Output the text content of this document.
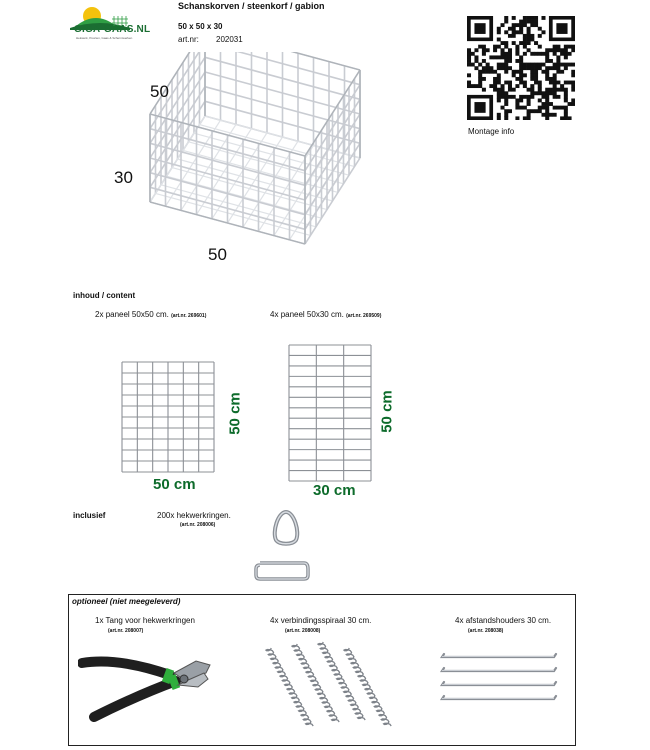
GIGA-GAAS.NL
Hekwerk, Poorten, Gaas & Schermwerken
Schanskorven / steenkorf / gabion
50 x 50 x 30
art.nr: 202031
Montage info
50
30
50
inhoud / content
2x paneel 50x50 cm. (art.nr. 269601)	4x paneel 50x30 cm. (art.nr. 269509)
50 cm
50 cm
30 cm
50 cm
inclusief	200x hekwerkringen.
(art.nr. 208006)
optioneel (niet meegeleverd)
1x Tang voor hekwerkringen
(art.nr. 208007)
4x verbindingsspiraal 30 cm.
(art.nr. 208008)
4x afstandshouders 30 cm.
(art.nr. 208038)
